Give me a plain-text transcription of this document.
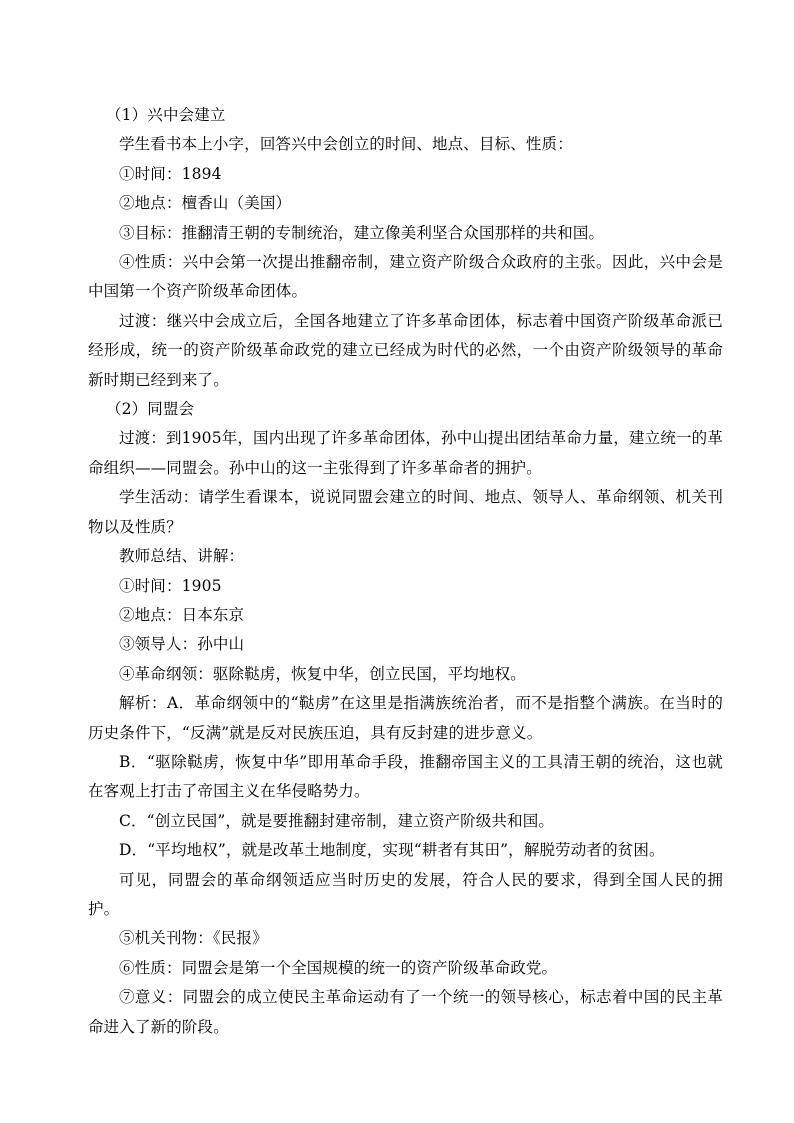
（1）兴中会建立

学生看书本上小字，回答兴中会创立的时间、地点、目标、性质：

①时间：1894

②地点：檀香山（美国）

③目标：推翻清王朝的专制统治，建立像美利坚合众国那样的共和国。

④性质：兴中会第一次提出推翻帝制，建立资产阶级合众政府的主张。因此，兴中会是中国第一个资产阶级革命团体。

过渡：继兴中会成立后，全国各地建立了许多革命团体，标志着中国资产阶级革命派已经形成，统一的资产阶级革命政党的建立已经成为时代的必然，一个由资产阶级领导的革命新时期已经到来了。

（2）同盟会

过渡：到1905年，国内出现了许多革命团体，孙中山提出团结革命力量，建立统一的革命组织——同盟会。孙中山的这一主张得到了许多革命者的拥护。

学生活动：请学生看课本，说说同盟会建立的时间、地点、领导人、革命纲领、机关刊物以及性质？

教师总结、讲解：

①时间：1905

②地点：日本东京

③领导人：孙中山

④革命纲领：驱除鞑虏，恢复中华，创立民国，平均地权。

解析：A．革命纲领中的“鞑虏”在这里是指满族统治者，而不是指整个满族。在当时的历史条件下，“反满”就是反对民族压迫，具有反封建的进步意义。

B．“驱除鞑虏，恢复中华”即用革命手段，推翻帝国主义的工具清王朝的统治，这也就在客观上打击了帝国主义在华侵略势力。

C．“创立民国”，就是要推翻封建帝制，建立资产阶级共和国。

D．“平均地权”，就是改革土地制度，实现“耕者有其田”，解脱劳动者的贫困。

可见，同盟会的革命纲领适应当时历史的发展，符合人民的要求，得到全国人民的拥护。

⑤机关刊物：《民报》

⑥性质：同盟会是第一个全国规模的统一的资产阶级革命政党。

⑦意义：同盟会的成立使民主革命运动有了一个统一的领导核心，标志着中国的民主革命进入了新的阶段。
